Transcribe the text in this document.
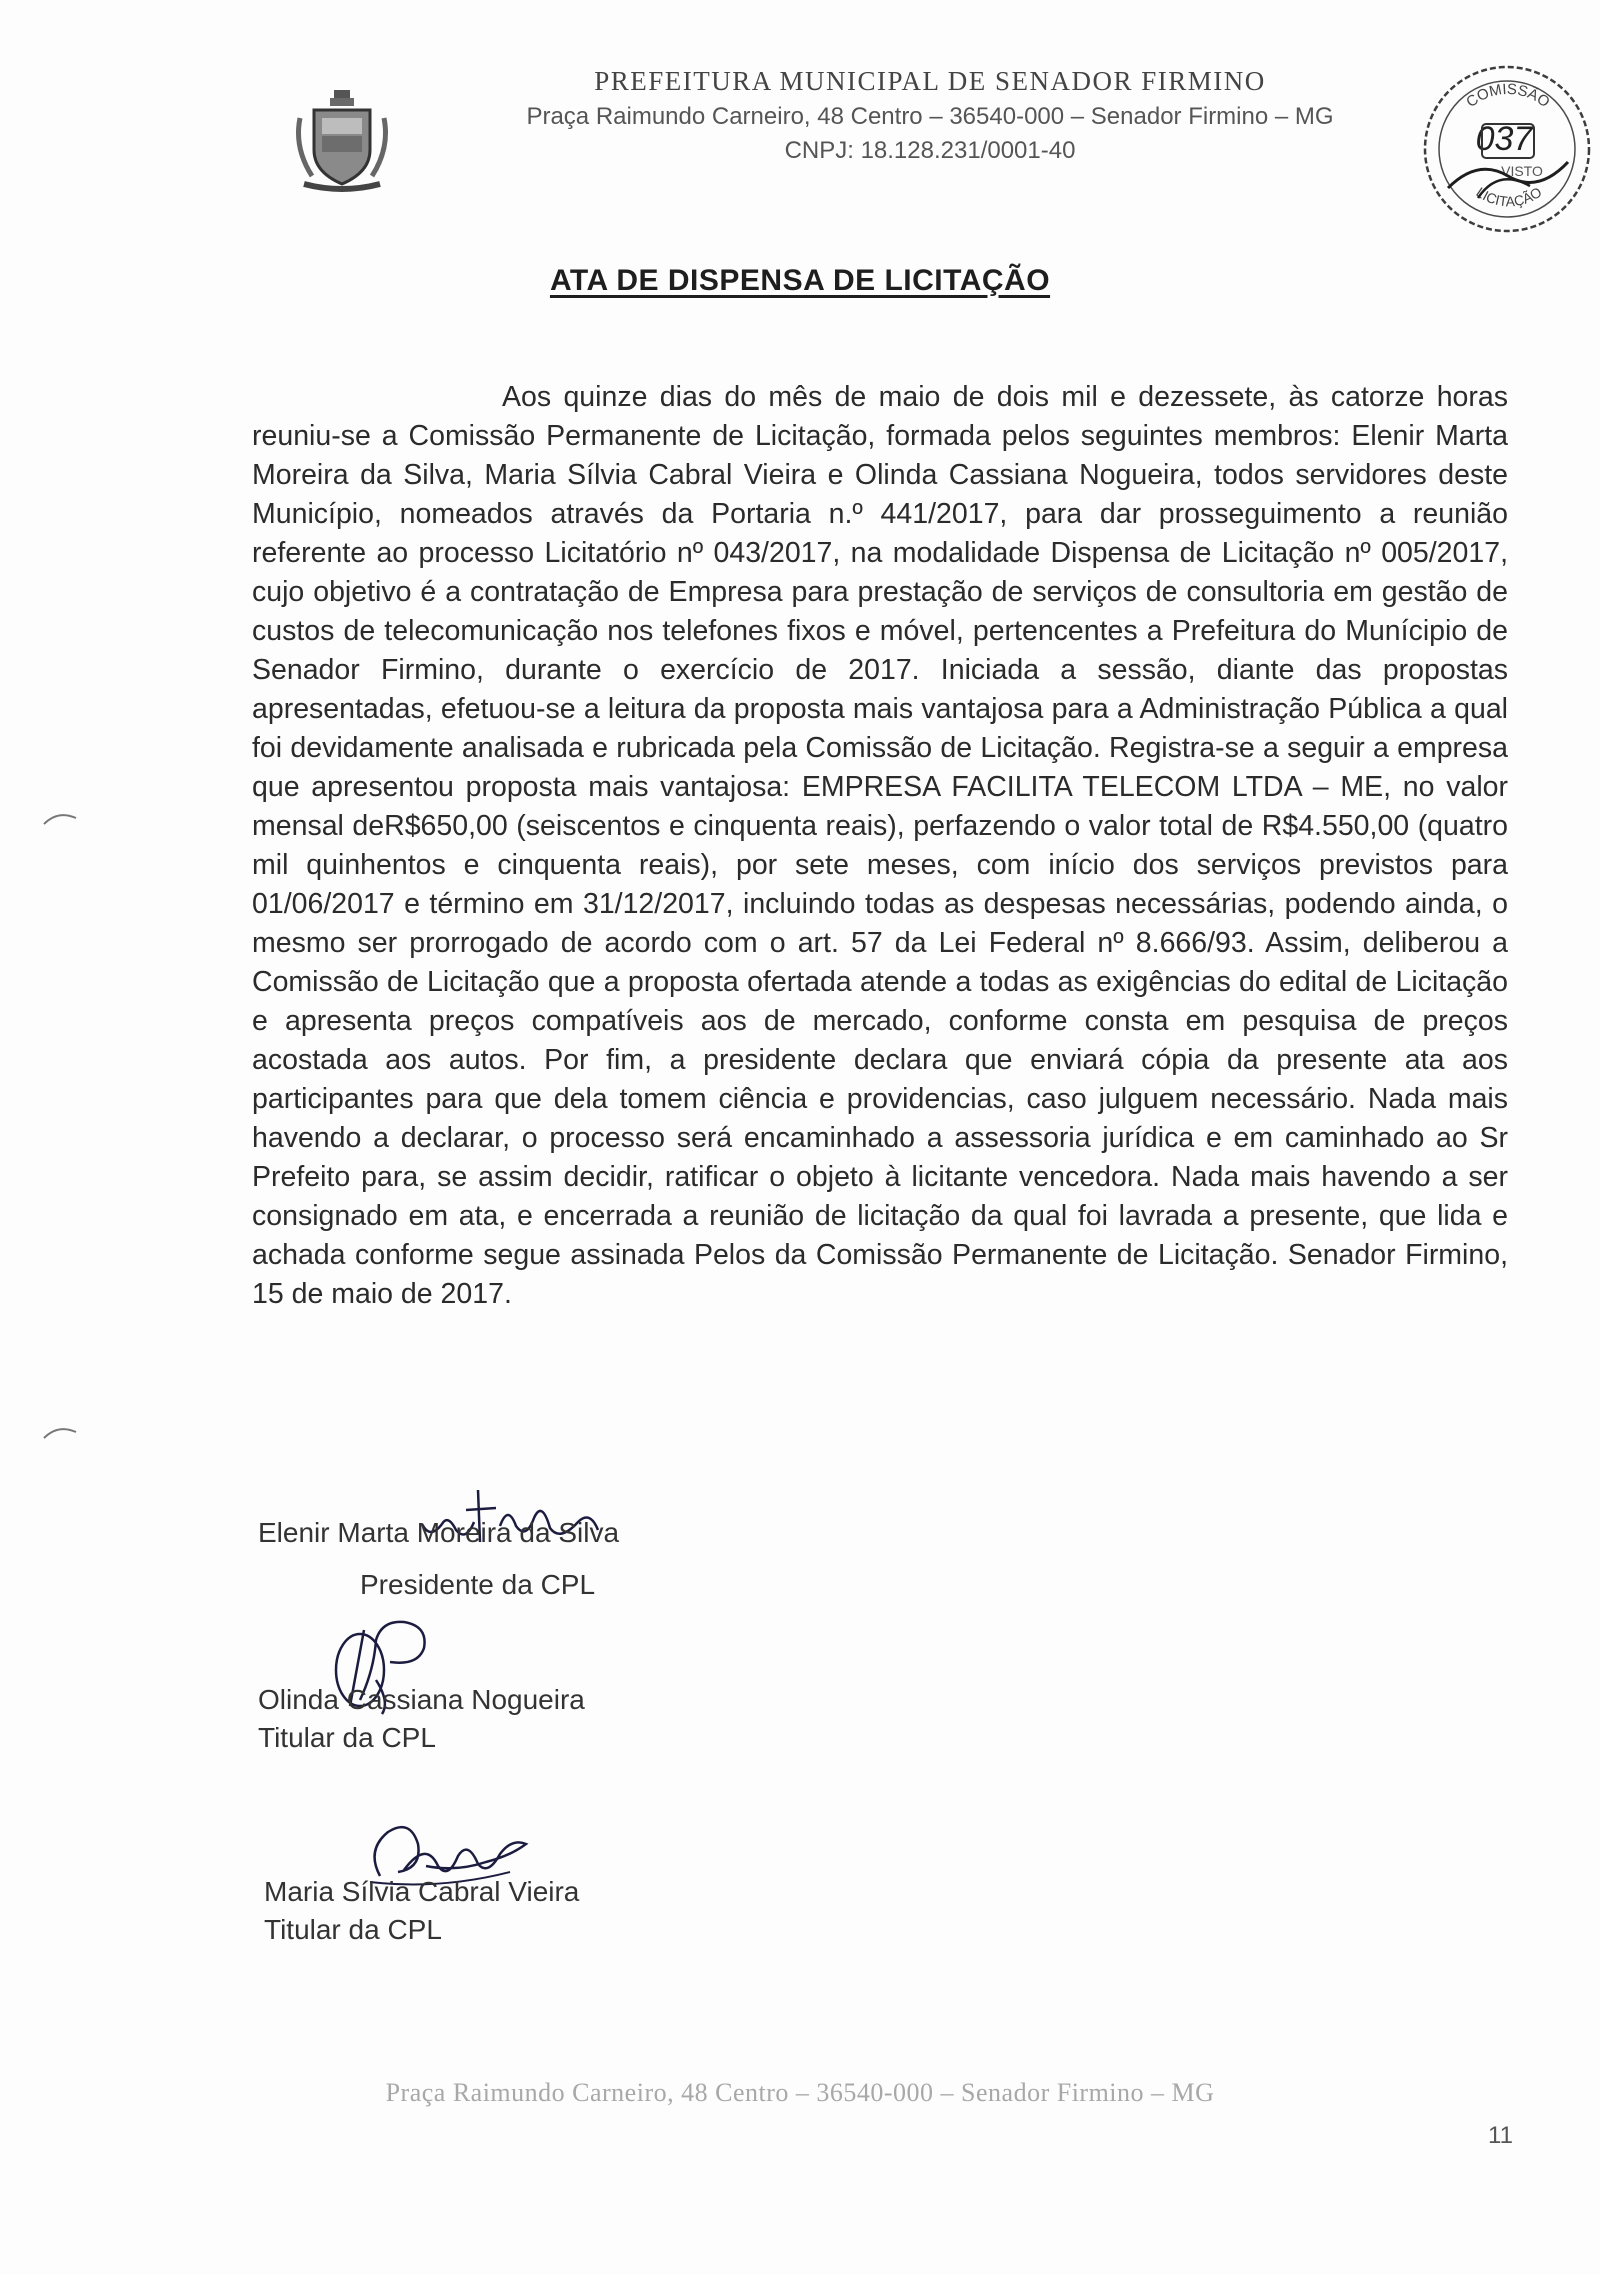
PREFEITURA MUNICIPAL DE SENADOR FIRMINO

Praça Raimundo Carneiro, 48 Centro – 36540-000 – Senador Firmino – MG

CNPJ: 18.128.231/0001-40

COMISSÃO
LICITAÇÃO
037
VISTO
ATA DE DISPENSA DE LICITAÇÃO

Aos quinze dias do mês de maio de dois mil e dezessete, às catorze horas reuniu-se a Comissão Permanente de Licitação, formada pelos seguintes membros: Elenir Marta Moreira da Silva, Maria Sílvia Cabral Vieira e Olinda Cassiana Nogueira, todos servidores deste Município, nomeados através da Portaria n.º 441/2017, para dar prosseguimento a reunião referente ao processo Licitatório nº 043/2017, na modalidade Dispensa de Licitação nº 005/2017, cujo objetivo é a contratação de Empresa para prestação de serviços de consultoria em gestão de custos de telecomunicação nos telefones fixos e móvel, pertencentes a Prefeitura do Munícipio de Senador Firmino, durante o exercício de 2017. Iniciada a sessão, diante das propostas apresentadas, efetuou-se a leitura da proposta mais vantajosa para a Administração Pública a qual foi devidamente analisada e rubricada pela Comissão de Licitação. Registra-se a seguir a empresa que apresentou proposta mais vantajosa: EMPRESA FACILITA TELECOM LTDA – ME, no valor mensal deR$650,00 (seiscentos e cinquenta reais), perfazendo o valor total de R$4.550,00 (quatro mil quinhentos e cinquenta reais), por sete meses, com início dos serviços previstos para 01/06/2017 e término em 31/12/2017, incluindo todas as despesas necessárias, podendo ainda, o mesmo ser prorrogado de acordo com o art. 57 da Lei Federal nº 8.666/93. Assim, deliberou a Comissão de Licitação que a proposta ofertada atende a todas as exigências do edital de Licitação e apresenta preços compatíveis aos de mercado, conforme consta em pesquisa de preços acostada aos autos. Por fim, a presidente declara que enviará cópia da presente ata aos participantes para que dela tomem ciência e providencias, caso julguem necessário. Nada mais havendo a declarar, o processo será encaminhado a assessoria jurídica e em caminhado ao Sr Prefeito para, se assim decidir, ratificar o objeto à licitante vencedora. Nada mais havendo a ser consignado em ata, e encerrada a reunião de licitação da qual foi lavrada a presente, que lida e achada conforme segue assinada Pelos da Comissão Permanente de Licitação. Senador Firmino, 15 de maio de 2017.

Elenir Marta Moreira da Silva
Presidente da CPL
Olinda Cassiana Nogueira
Titular da CPL
Maria Sílvia Cabral Vieira
Titular da CPL

Praça Raimundo Carneiro, 48 Centro – 36540-000 – Senador Firmino – MG

11
